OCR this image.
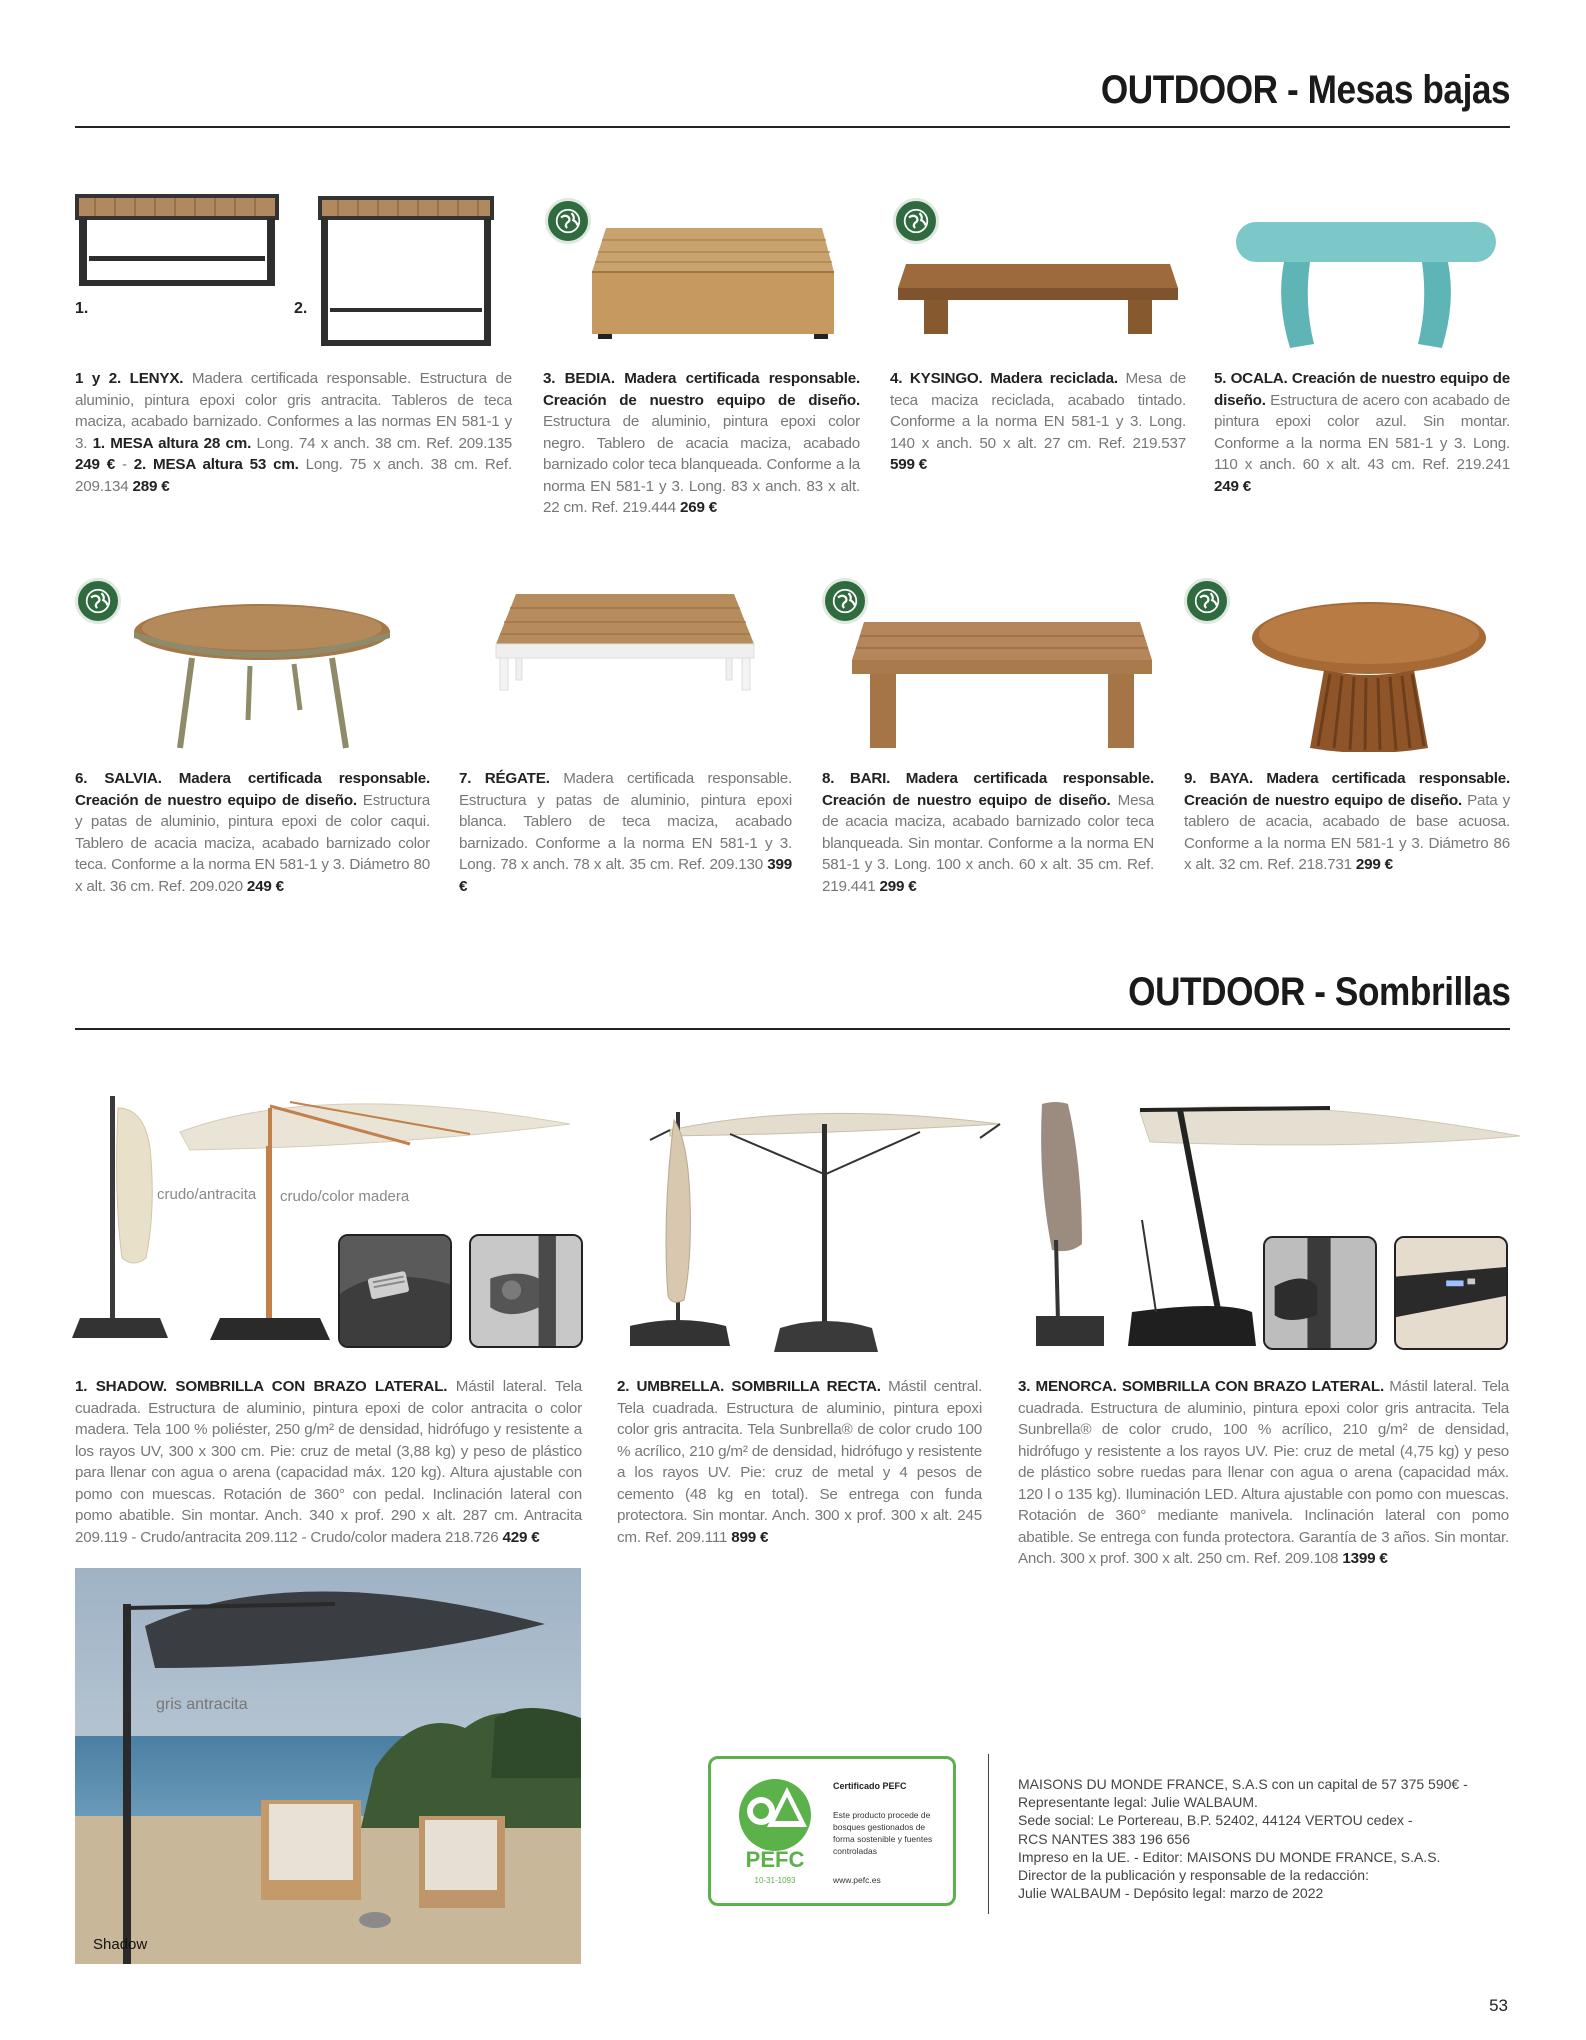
OUTDOOR - Mesas bajas
1.	2.
1 y 2. LENYX. Madera certificada responsable. Estructura de aluminio, pintura epoxi color gris antracita. Tableros de teca maciza, acabado barnizado. Conformes a las normas EN 581-1 y 3. 1. MESA altura 28 cm. Long. 74 x anch. 38 cm. Ref. 209.135 249 € - 2. MESA altura 53 cm. Long. 75 x anch. 38 cm. Ref. 209.134 289 €
3. BEDIA. Madera certificada responsable. Creación de nuestro equipo de diseño. Estructura de aluminio, pintura epoxi color negro. Tablero de acacia maciza, acabado barnizado color teca blanqueada. Conforme a la norma EN 581-1 y 3. Long. 83 x anch. 83 x alt. 22 cm. Ref. 219.444 269 €
4. KYSINGO. Madera reciclada. Mesa de teca maciza reciclada, acabado tintado. Conforme a la norma EN 581-1 y 3. Long. 140 x anch. 50 x alt. 27 cm. Ref. 219.537 599 €
5. OCALA. Creación de nuestro equipo de diseño. Estructura de acero con acabado de pintura epoxi color azul. Sin montar. Conforme a la norma EN 581-1 y 3. Long. 110 x anch. 60 x alt. 43 cm. Ref. 219.241 249 €
6. SALVIA. Madera certificada responsable. Creación de nuestro equipo de diseño. Estructura y patas de aluminio, pintura epoxi de color caqui. Tablero de acacia maciza, acabado barnizado color teca. Conforme a la norma EN 581-1 y 3. Diámetro 80 x alt. 36 cm. Ref. 209.020 249 €
7. RÉGATE. Madera certificada responsable. Estructura y patas de aluminio, pintura epoxi blanca. Tablero de teca maciza, acabado barnizado. Conforme a la norma EN 581-1 y 3. Long. 78 x anch. 78 x alt. 35 cm. Ref. 209.130 399 €
8. BARI. Madera certificada responsable. Creación de nuestro equipo de diseño. Mesa de acacia maciza, acabado barnizado color teca blanqueada. Sin montar. Conforme a la norma EN 581-1 y 3. Long. 100 x anch. 60 x alt. 35 cm. Ref. 219.441 299 €
9. BAYA. Madera certificada responsable. Creación de nuestro equipo de diseño. Pata y tablero de acacia, acabado de base acuosa. Conforme a la norma EN 581-1 y 3. Diámetro 86 x alt. 32 cm. Ref. 218.731 299 €
OUTDOOR - Sombrillas
crudo/antracita crudo/color madera
1. SHADOW. SOMBRILLA CON BRAZO LATERAL. Mástil lateral. Tela cuadrada. Estructura de aluminio, pintura epoxi de color antracita o color madera. Tela 100 % poliéster, 250 g/m² de densidad, hidrófugo y resistente a los rayos UV, 300 x 300 cm. Pie: cruz de metal (3,88 kg) y peso de plástico para llenar con agua o arena (capacidad máx. 120 kg). Altura ajustable con pomo con muescas. Rotación de 360° con pedal. Inclinación lateral con pomo abatible. Sin montar. Anch. 340 x prof. 290 x alt. 287 cm. Antracita 209.119 - Crudo/antracita 209.112 - Crudo/color madera 218.726 429 €
2. UMBRELLA. SOMBRILLA RECTA. Mástil central. Tela cuadrada. Estructura de aluminio, pintura epoxi color gris antracita. Tela Sunbrella® de color crudo 100 % acrílico, 210 g/m² de densidad, hidrófugo y resistente a los rayos UV. Pie: cruz de metal y 4 pesos de cemento (48 kg en total). Se entrega con funda protectora. Sin montar. Anch. 300 x prof. 300 x alt. 245 cm. Ref. 209.111 899 €
3. MENORCA. SOMBRILLA CON BRAZO LATERAL. Mástil lateral. Tela cuadrada. Estructura de aluminio, pintura epoxi color gris antracita. Tela Sunbrella® de color crudo, 100 % acrílico, 210 g/m² de densidad, hidrófugo y resistente a los rayos UV. Pie: cruz de metal (4,75 kg) y peso de plástico sobre ruedas para llenar con agua o arena (capacidad máx. 120 l o 135 kg). Iluminación LED. Altura ajustable con pomo con muescas. Rotación de 360° mediante manivela. Inclinación lateral con pomo abatible. Se entrega con funda protectora. Garantía de 3 años. Sin montar. Anch. 300 x prof. 300 x alt. 250 cm. Ref. 209.108 1399 €
gris antracita
Shadow
PEFC
10-31-1093
Certificado PEFC
Este producto procede de bosques gestionados de forma sostenible y fuentes controladas
www.pefc.es
MAISONS DU MONDE FRANCE, S.A.S con un capital de 57 375 590€ -
Representante legal: Julie WALBAUM.
Sede social: Le Portereau, B.P. 52402, 44124 VERTOU cedex -
RCS NANTES 383 196 656
Impreso en la UE. - Editor: MAISONS DU MONDE FRANCE, S.A.S.
Director de la publicación y responsable de la redacción:
Julie WALBAUM - Depósito legal: marzo de 2022
53
